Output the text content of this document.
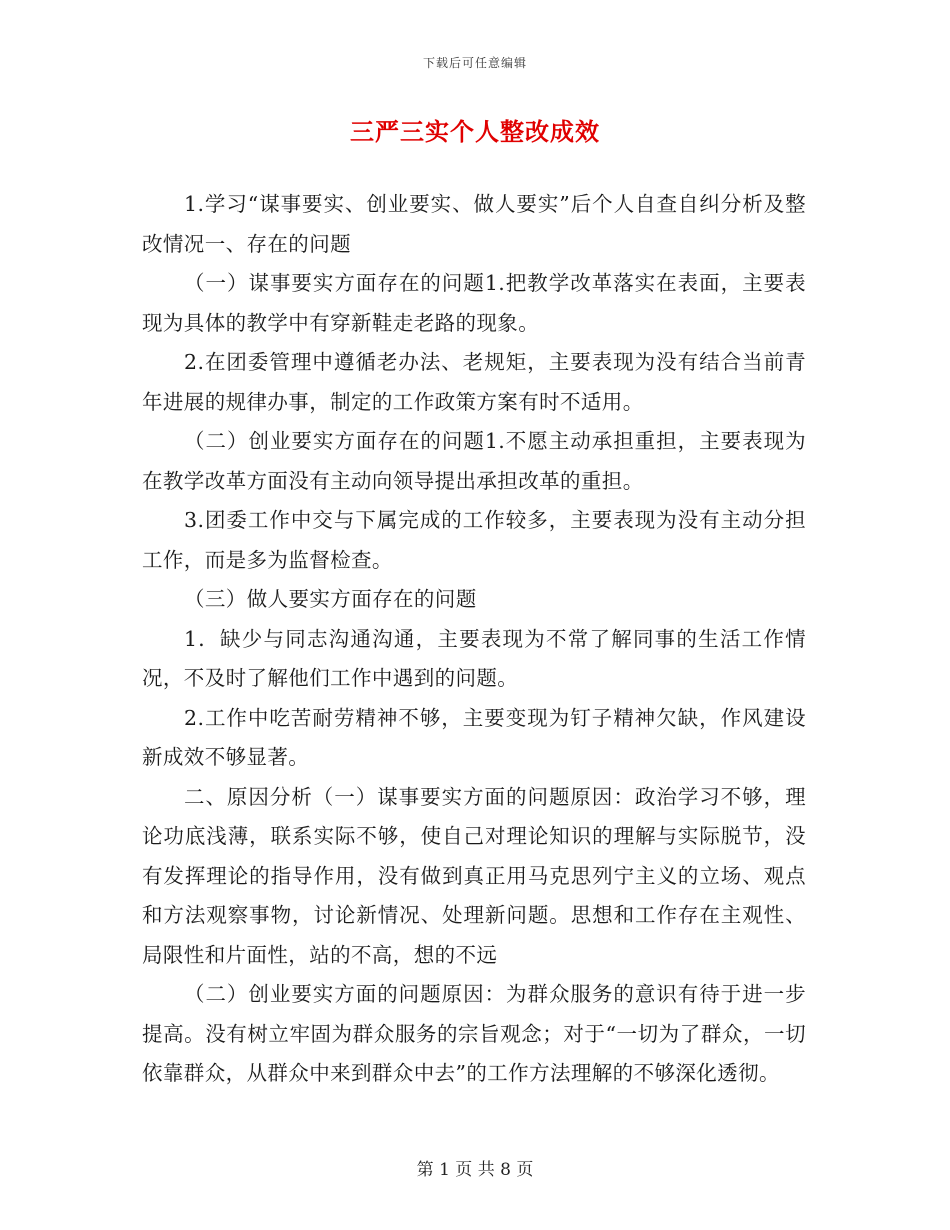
下载后可任意编辑
三严三实个人整改成效

1.学习“谋事要实、创业要实、做人要实”后个人自查自纠分析及整改情况一、存在的问题

（一）谋事要实方面存在的问题1.把教学改革落实在表面，主要表现为具体的教学中有穿新鞋走老路的现象。

2.在团委管理中遵循老办法、老规矩，主要表现为没有结合当前青年进展的规律办事，制定的工作政策方案有时不适用。

（二）创业要实方面存在的问题1.不愿主动承担重担，主要表现为在教学改革方面没有主动向领导提出承担改革的重担。

3.团委工作中交与下属完成的工作较多，主要表现为没有主动分担工作，而是多为监督检查。

（三）做人要实方面存在的问题

1．缺少与同志沟通沟通，主要表现为不常了解同事的生活工作情况，不及时了解他们工作中遇到的问题。

2.工作中吃苦耐劳精神不够，主要变现为钉子精神欠缺，作风建设新成效不够显著。

二、原因分析（一）谋事要实方面的问题原因：政治学习不够，理论功底浅薄，联系实际不够，使自己对理论知识的理解与实际脱节，没有发挥理论的指导作用，没有做到真正用马克思列宁主义的立场、观点和方法观察事物，讨论新情况、处理新问题。思想和工作存在主观性、局限性和片面性，站的不高，想的不远

（二）创业要实方面的问题原因：为群众服务的意识有待于进一步提高。没有树立牢固为群众服务的宗旨观念；对于“一切为了群众，一切依靠群众，从群众中来到群众中去”的工作方法理解的不够深化透彻。

第 1 页 共 8 页
